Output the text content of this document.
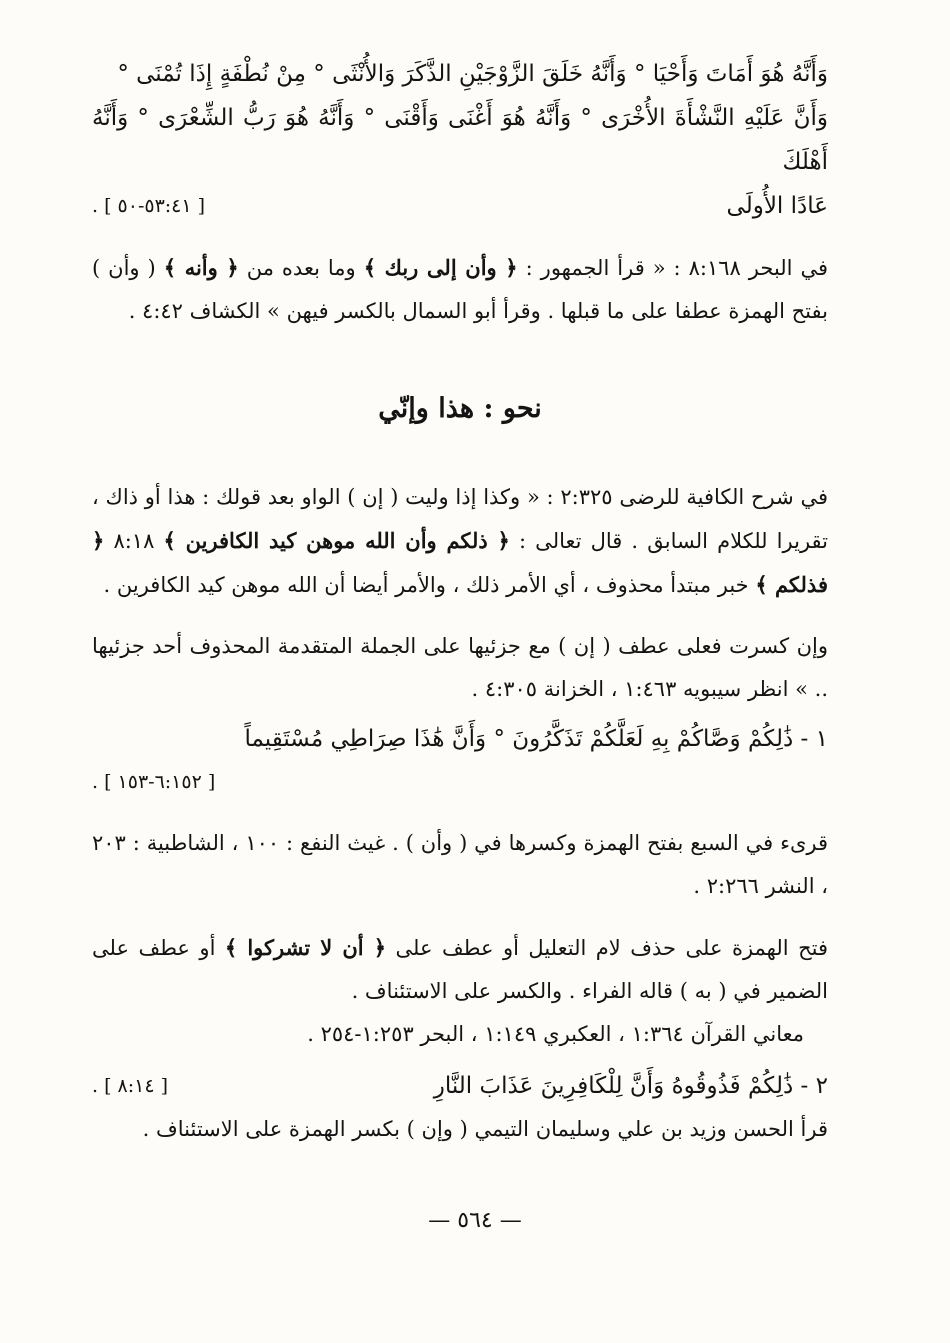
وَأَنَّهُ هُوَ أَمَاتَ وَأَحْيَا ° وَأَنَّهُ خَلَقَ الزَّوْجَيْنِ الذَّكَرَ وَالأُنْثَى ° مِنْ نُطْفَةٍ إِذَا تُمْنَى °

وَأَنَّ عَلَيْهِ النَّشْأَةَ الأُخْرَى ° وَأَنَّهُ هُوَ أَغْنَى وَأَقْنَى ° وَأَنَّهُ هُوَ رَبُّ الشِّعْرَى ° وَأَنَّهُ أَهْلَكَ

عَادًا الأُولَى
[ ٥٣:٤١-٥٠ ] .

في البحر ٨:١٦٨ : « قرأ الجمهور : ﴿ وأن إلى ربك ﴾ وما بعده من ﴿ وأنه ﴾ ( وأن ) بفتح الهمزة عطفا على ما قبلها . وقرأ أبو السمال بالكسر فيهن » الكشاف ٤:٤٢ .

نحو : هذا وإنّي

في شرح الكافية للرضى ٢:٣٢٥ : « وكذا إذا وليت ( إن ) الواو بعد قولك : هذا أو ذاك ، تقريرا للكلام السابق . قال تعالى : ﴿ ذلكم وأن الله موهن كيد الكافرين ﴾ ٨:١٨ ﴿ فذلكم ﴾ خبر مبتدأ محذوف ، أي الأمر ذلك ، والأمر أيضا أن الله موهن كيد الكافرين .

وإن كسرت فعلى عطف ( إن ) مع جزئيها على الجملة المتقدمة المحذوف أحد جزئيها .. » انظر سيبويه ١:٤٦٣ ، الخزانة ٤:٣٠٥ .

١ - ذَٰلِكُمْ وَصَّاكُمْ بِهِ لَعَلَّكُمْ تَذَكَّرُونَ ° وَأَنَّ هَٰذَا صِرَاطِي مُسْتَقِيماً

[ ٦:١٥٢-١٥٣ ] .

قرىء في السبع بفتح الهمزة وكسرها في ( وأن ) . غيث النفع : ١٠٠ ، الشاطبية : ٢٠٣ ، النشر ٢:٢٦٦ .

فتح الهمزة على حذف لام التعليل أو عطف على ﴿ أن لا تشركوا ﴾ أو عطف على الضمير في ( به ) قاله الفراء . والكسر على الاستئناف .

معاني القرآن ١:٣٦٤ ، العكبري ١:١٤٩ ، البحر ١:٢٥٣-٢٥٤ .

٢ - ذَٰلِكُمْ فَذُوقُوهُ وَأَنَّ لِلْكَافِرِينَ عَذَابَ النَّارِ
[ ٨:١٤ ] .

قرأ الحسن وزيد بن علي وسليمان التيمي ( وإن ) بكسر الهمزة على الاستئناف .

— ٥٦٤ —
